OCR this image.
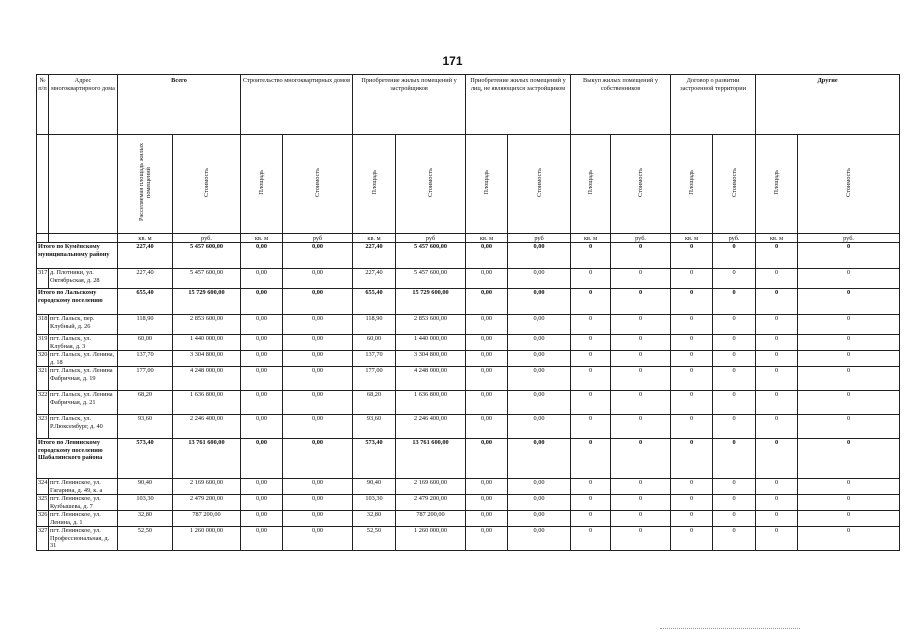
171
№ п/п	Адрес многоквартирного дома	Всего		Строительство многоквартирных домов		Приобретение жилых помещений у застройщиков		Приобретение жилых помещений у лиц, не являющихся застройщиком		Выкуп жилых помещений у собственников		Договор о развитии застроенной территории		Другие	
		Расселяемая площадь жилых помещений	Стоимость	Площадь	Стоимость	Площадь	Стоимость	Площадь	Стоимость	Площадь	Стоимость	Площадь	Стоимость	Площадь	Стоимость
		кв. м	руб.	кв. м	руб	кв. м	руб	кв. м	руб	кв. м	руб.	кв. м	руб.	кв. м	руб.
Итого по Кумёнскому муниципальному району		227,40	5 457 600,00	0,00	0,00	227,40	5 457 600,00	0,00	0,00	0	0	0	0	0	0
317	д. Плотники, ул. Октябрьская, д. 28	227,40	5 457 600,00	0,00	0,00	227,40	5 457 600,00	0,00	0,00	0	0	0	0	0	0
Итого по Лальскому городскому поселению		655,40	15 729 600,00	0,00	0,00	655,40	15 729 600,00	0,00	0,00	0	0	0	0	0	0
318	пгт. Лальск, пер. Клубный, д. 26	118,90	2 853 600,00	0,00	0,00	118,90	2 853 600,00	0,00	0,00	0	0	0	0	0	0
319	пгт. Лальск, ул. Клубная, д. 3	60,00	1 440 000,00	0,00	0,00	60,00	1 440 000,00	0,00	0,00	0	0	0	0	0	0
320	пгт. Лальск, ул. Ленина, д. 18	137,70	3 304 800,00	0,00	0,00	137,70	3 304 800,00	0,00	0,00	0	0	0	0	0	0
321	пгт. Лальск, ул. Ленина Фабричная, д. 19	177,00	4 248 000,00	0,00	0,00	177,00	4 248 000,00	0,00	0,00	0	0	0	0	0	0
322	пгт. Лальск, ул. Ленина Фабричная, д. 21	68,20	1 636 800,00	0,00	0,00	68,20	1 636 800,00	0,00	0,00	0	0	0	0	0	0
323	пгт. Лальск, ул. Р.Люксембург, д. 40	93,60	2 246 400,00	0,00	0,00	93,60	2 246 400,00	0,00	0,00	0	0	0	0	0	0
Итого по Ленинскому городскому поселению Шабалинского района		573,40	13 761 600,00	0,00	0,00	573,40	13 761 600,00	0,00	0,00	0	0	0	0	0	0
324	пгт. Ленинское, ул. Гагарина, д. 49, к. а	90,40	2 169 600,00	0,00	0,00	90,40	2 169 600,00	0,00	0,00	0	0	0	0	0	0
325	пгт. Ленинское, ул. Кузбышева, д. 7	103,30	2 479 200,00	0,00	0,00	103,30	2 479 200,00	0,00	0,00	0	0	0	0	0	0
326	пгт. Ленинское, ул. Ленина, д. 1	32,80	787 200,00	0,00	0,00	32,80	787 200,00	0,00	0,00	0	0	0	0	0	0
327	пгт. Ленинское, ул. Профессиональная, д. 31	52,50	1 260 000,00	0,00	0,00	52,50	1 260 000,00	0,00	0,00	0	0	0	0	0	0
